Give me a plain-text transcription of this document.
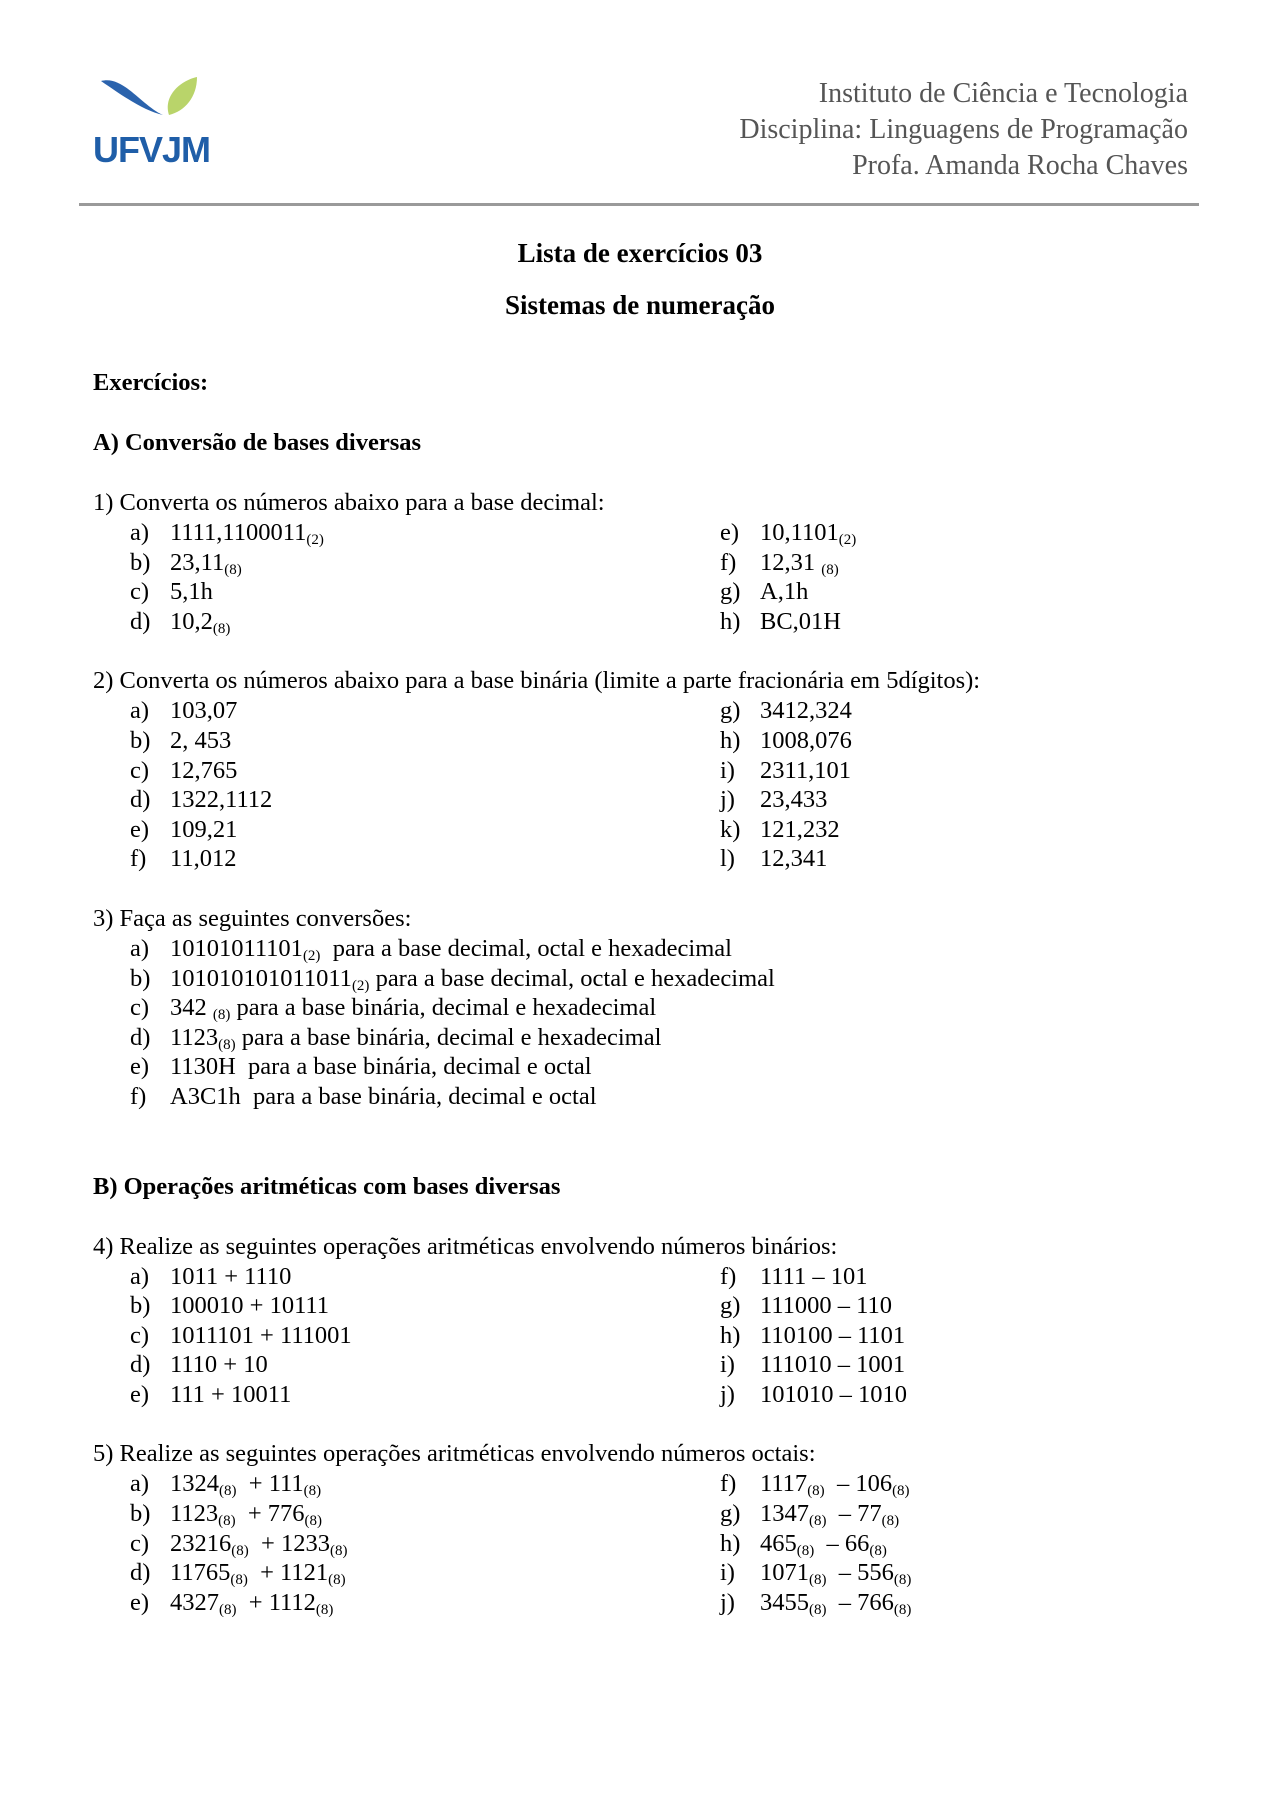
UFVJM
Instituto de Ciência e Tecnologia
Disciplina: Linguagens de Programação
Profa. Amanda Rocha Chaves
Lista de exercícios 03
Sistemas de numeração
Exercícios:
A) Conversão de bases diversas
1) Converta os números abaixo para a base decimal:
a) $1111,1100011_{(2)}$	e) $10,1101_{(2)}$
b) $23,11_{(8)}$	f) 12,31 $_{(8)}$
c) 5,1h	g) A,1h
d) $10,2_{(8)}$	h) BC,01H
2) Converta os números abaixo para a base binária (limite a parte fracionária em 5dígitos):
a) 103,07	g) 3412,324
b) 2, 453	h) 1008,076
c) 12,765	i) 2311,101
d) 1322,1112	j) 23,433
e) 109,21	k) 121,232
f) 11,012	l) 12,341
3) Faça as seguintes conversões:
a) $10101011101_{(2)}$  para a base decimal, octal e hexadecimal
b) $101010101011011_{(2)}$ para a base decimal, octal e hexadecimal
c) 342 $_{(8)}$ para a base binária, decimal e hexadecimal
d) $1123_{(8)}$ para a base binária, decimal e hexadecimal
e) 1130H  para a base binária, decimal e octal
f) A3C1h  para a base binária, decimal e octal
B) Operações aritméticas com bases diversas
4) Realize as seguintes operações aritméticas envolvendo números binários:
a) 1011 + 1110	f) 1111 – 101
b) 100010 + 10111	g) 111000 – 110
c) 1011101 + 111001	h) 110100 – 1101
d) 1110 + 10	i) 111010 – 1001
e) 111 + 10011	j) 101010 – 1010
5) Realize as seguintes operações aritméticas envolvendo números octais:
a) $1324_{(8)} + 111_{(8)}$	f) $1117_{(8)} - 106_{(8)}$
b) $1123_{(8)} + 776_{(8)}$	g) $1347_{(8)} - 77_{(8)}$
c) $23216_{(8)} + 1233_{(8)}$	h) $465_{(8)} - 66_{(8)}$
d) $11765_{(8)} + 1121_{(8)}$	i) $1071_{(8)} - 556_{(8)}$
e) $4327_{(8)} + 1112_{(8)}$	j) $3455_{(8)} - 766_{(8)}$
